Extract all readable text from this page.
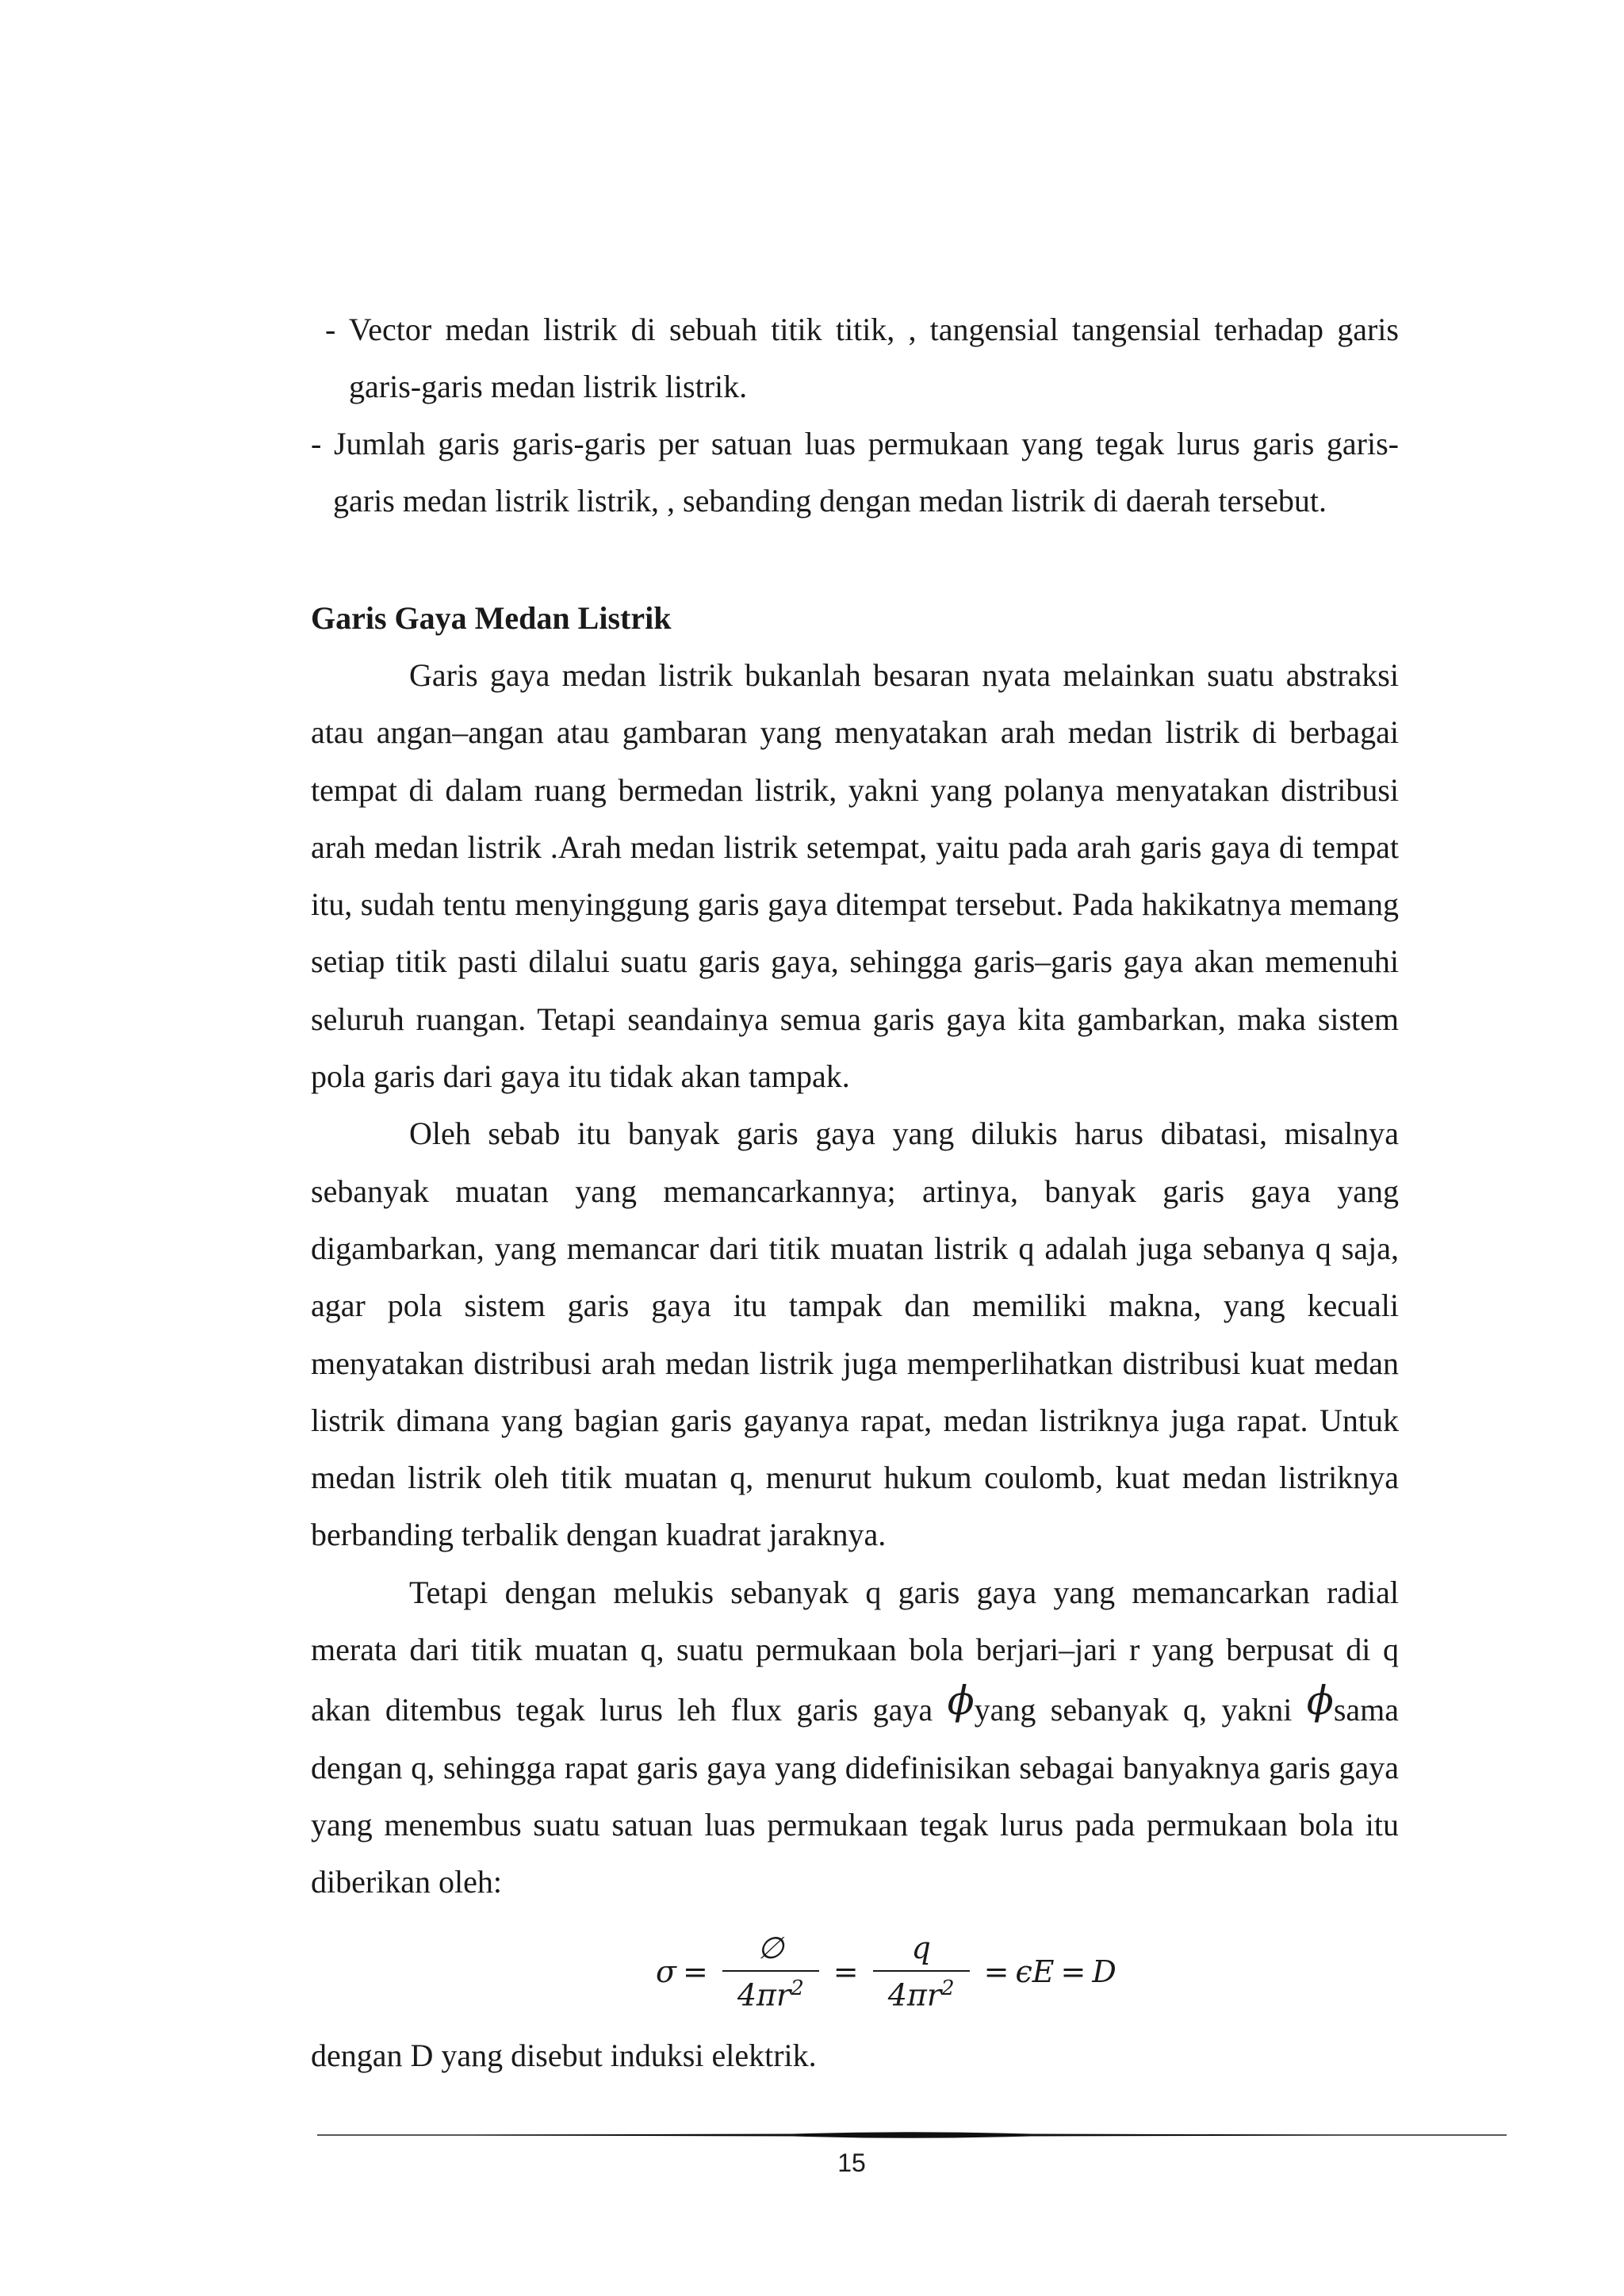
- Vector medan listrik di sebuah titik titik, , tangensial tangensial terhadap garis garis-garis medan listrik listrik.

- Jumlah garis garis-garis per satuan luas permukaan yang tegak lurus garis garis-garis medan listrik listrik, , sebanding dengan medan listrik di daerah tersebut.

Garis Gaya Medan Listrik

Garis gaya medan listrik bukanlah besaran nyata melainkan suatu abstraksi atau angan–angan atau gambaran yang menyatakan arah medan listrik di berbagai tempat di dalam ruang bermedan listrik, yakni yang polanya menyatakan distribusi arah medan listrik .Arah medan listrik setempat, yaitu pada arah garis gaya di tempat itu, sudah tentu menyinggung garis gaya ditempat tersebut. Pada hakikatnya memang setiap titik pasti dilalui suatu garis gaya, sehingga garis–garis gaya akan memenuhi seluruh ruangan. Tetapi seandainya semua garis gaya kita gambarkan, maka sistem pola garis dari gaya itu tidak akan tampak.

Oleh sebab itu banyak garis gaya yang dilukis harus dibatasi, misalnya sebanyak muatan yang memancarkannya; artinya, banyak garis gaya yang digambarkan, yang memancar dari titik muatan listrik q adalah juga sebanya q saja, agar pola sistem garis gaya itu tampak dan memiliki makna, yang kecuali menyatakan distribusi arah medan listrik juga memperlihatkan distribusi kuat medan listrik dimana yang bagian garis gayanya rapat, medan listriknya juga rapat. Untuk medan listrik oleh titik muatan q, menurut hukum coulomb, kuat medan listriknya berbanding terbalik dengan kuadrat jaraknya.

Tetapi dengan melukis sebanyak q garis gaya yang memancarkan radial merata dari titik muatan q, suatu permukaan bola berjari–jari r yang berpusat di q akan ditembus tegak lurus leh flux garis gaya ϕyang sebanyak q, yakni ϕsama dengan q, sehingga rapat garis gaya yang didefinisikan sebagai banyaknya garis gaya yang menembus suatu satuan luas permukaan tegak lurus pada permukaan bola itu diberikan oleh:

$\sigma = \frac{\emptyset}{4\pi r^2} = \frac{q}{4\pi r^2} = \epsilon E = D$

dengan D yang disebut induksi elektrik.

15
